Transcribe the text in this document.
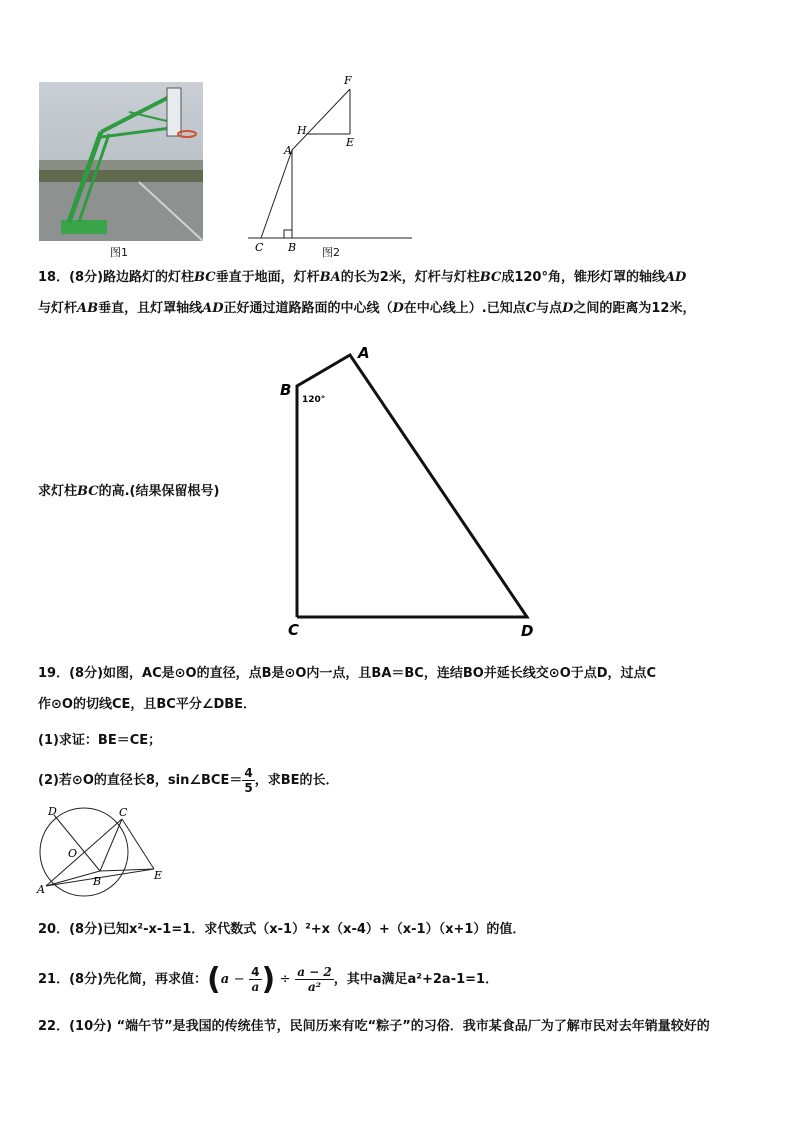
图1
F
H
A
E
C B 图2
18．(8分)路边路灯的灯柱BC垂直于地面，灯杆BA的长为2米，灯杆与灯柱BC成120°角，锥形灯罩的轴线AD
与灯杆AB垂直，且灯罩轴线AD正好通过道路路面的中心线（D在中心线上）.已知点C与点D之间的距离为12米，
B
A
C	D
120°
求灯柱BC的高.(结果保留根号)
19．(8分)如图，AC是⊙O的直径，点B是⊙O内一点，且BA＝BC，连结BO并延长线交⊙O于点D，过点C
作⊙O的切线CE，且BC平分∠DBE．
(1)求证：BE＝CE；
(2)若⊙O的直径长8，sin∠BCE＝ $\frac{4}{5}$ ，求BE的长．
D	C
O
A
B	E
20．(8分)已知x²-x-1=1．求代数式（x-1）²+x（x-4）+（x-1）（x+1）的值．
21．(8分)先化简，再求值：($a - \frac{4}{a}$ ) ÷ $\frac{a - 2}{\text{a²}}$ ，其中a满足a²+2a-1=1．
22．(10分) “端午节”是我国的传统佳节，民间历来有吃“粽子”的习俗．我市某食品厂为了解市民对去年销量较好的
